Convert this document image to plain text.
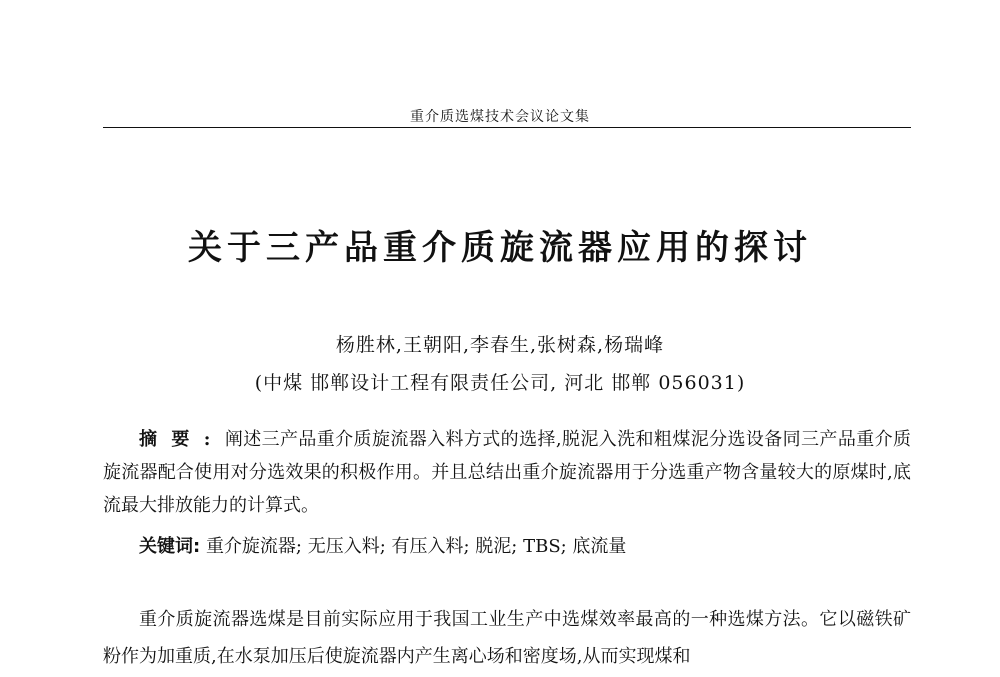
重介质选煤技术会议论文集
关于三产品重介质旋流器应用的探讨
杨胜林,王朝阳,李春生,张树森,杨瑞峰
(中煤 邯郸设计工程有限责任公司, 河北 邯郸 056031)

摘要:阐述三产品重介质旋流器入料方式的选择,脱泥入洗和粗煤泥分选设备同三产品重介质旋流器配合使用对分选效果的积极作用。并且总结出重介旋流器用于分选重产物含量较大的原煤时,底流最大排放能力的计算式。

关键词: 重介旋流器; 无压入料; 有压入料; 脱泥; TBS; 底流量

重介质旋流器选煤是目前实际应用于我国工业生产中选煤效率最高的一种选煤方法。它以磁铁矿粉作为加重质,在水泵加压后使旋流器内产生离心场和密度场,从而实现煤和
